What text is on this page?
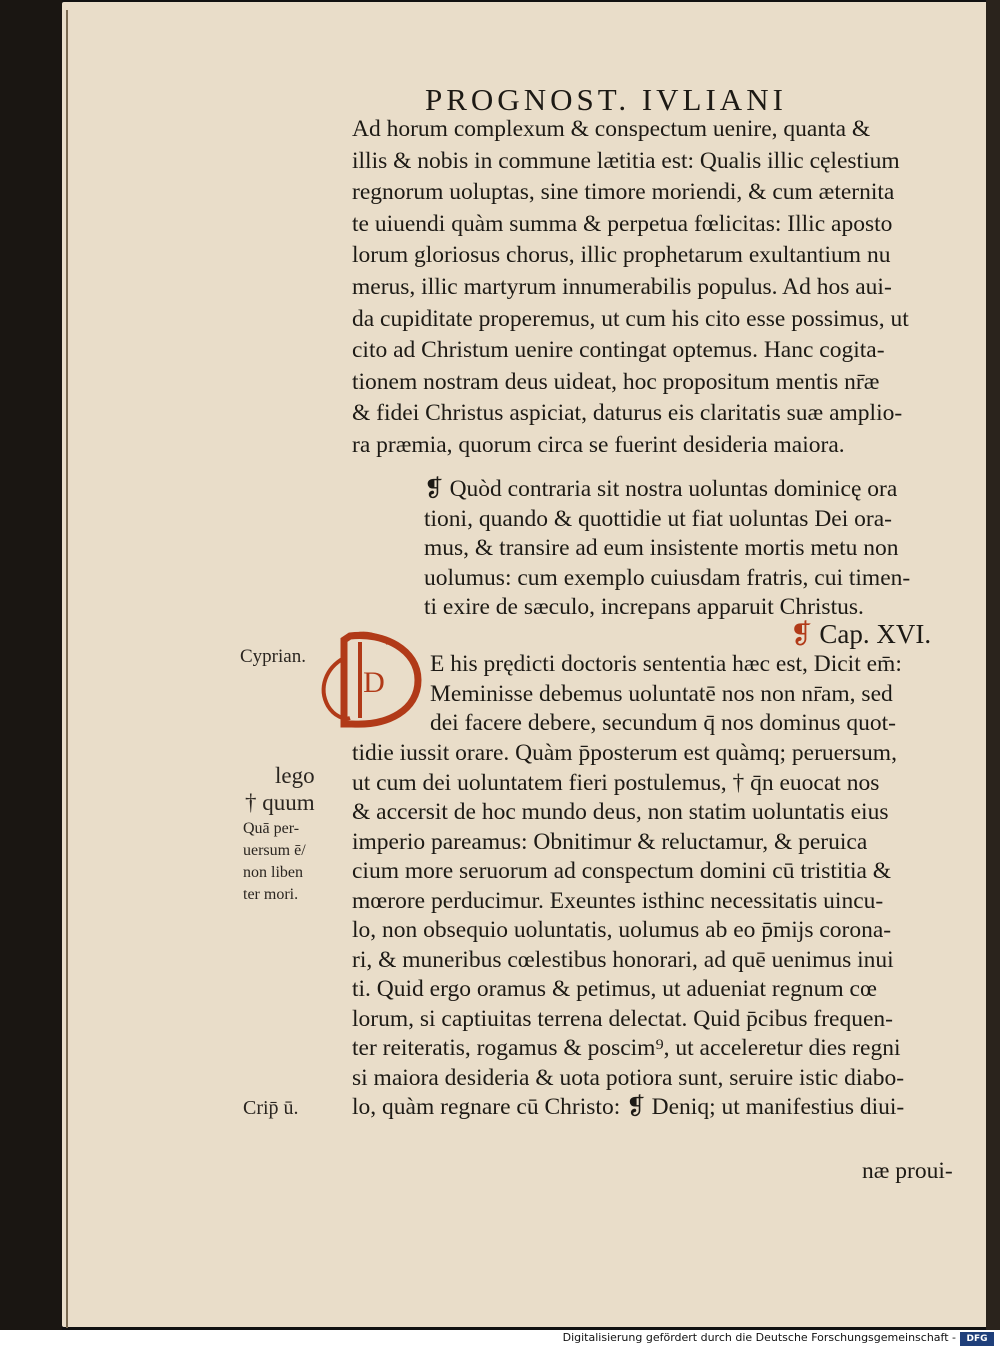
PROGNOST. IVLIANI
Ad horum complexum & conspectum uenire, quanta &
illis & nobis in commune lætitia est: Qualis illic cęlestium
regnorum uoluptas, sine timore moriendi, & cum æternita
te uiuendi quàm summa & perpetua fœlicitas: Illic aposto
lorum gloriosus chorus, illic prophetarum exultantium nu
merus, illic martyrum innumerabilis populus. Ad hos aui-
da cupiditate properemus, ut cum his cito esse possimus, ut
cito ad Christum uenire contingat optemus. Hanc cogita-
tionem nostram deus uideat, hoc propositum mentis nr̄æ
& fidei Christus aspiciat, daturus eis claritatis suæ amplio-
ra præmia, quorum circa se fuerint desideria maiora.
❡ Quòd contraria sit nostra uoluntas dominicę ora
tioni, quando & quottidie ut fiat uoluntas Dei ora-
mus, & transire ad eum insistente mortis metu non
uolumus: cum exemplo cuiusdam fratris, cui timen-
ti exire de sæculo, increpans apparuit Christus.
❡ Cap. XVI.
D
E his prędicti doctoris sententia hæc est, Dicit em̄:
Meminisse debemus uoluntatē nos non nr̄am, sed
dei facere debere, secundum q̄ nos dominus quot-
tidie iussit orare. Quàm p̄posterum est quàmq; peruersum,
ut cum dei uoluntatem fieri postulemus, † q̄n euocat nos
& accersit de hoc mundo deus, non statim uoluntatis eius
imperio pareamus: Obnitimur & reluctamur, & peruica
cium more seruorum ad conspectum domini cū tristitia &
mœrore perducimur. Exeuntes isthinc necessitatis uincu-
lo, non obsequio uoluntatis, uolumus ab eo p̄mijs corona-
ri, & muneribus cœlestibus honorari, ad quē uenimus inui
ti. Quid ergo oramus & petimus, ut adueniat regnum cœ
lorum, si captiuitas terrena delectat. Quid p̄cibus frequen-
ter reiteratis, rogamus & poscim⁹, ut acceleretur dies regni
si maiora desideria & uota potiora sunt, seruire istic diabo-
lo, quàm regnare cū Christo: ❡ Deniq; ut manifestius diui-
næ proui-
Cyprian.
lego
† quum
Quā per-
uersum ē/
non liben
ter mori.
Crip̄ ū.
Digitalisierung gefördert durch die Deutsche Forschungsgemeinschaft -	DFG
